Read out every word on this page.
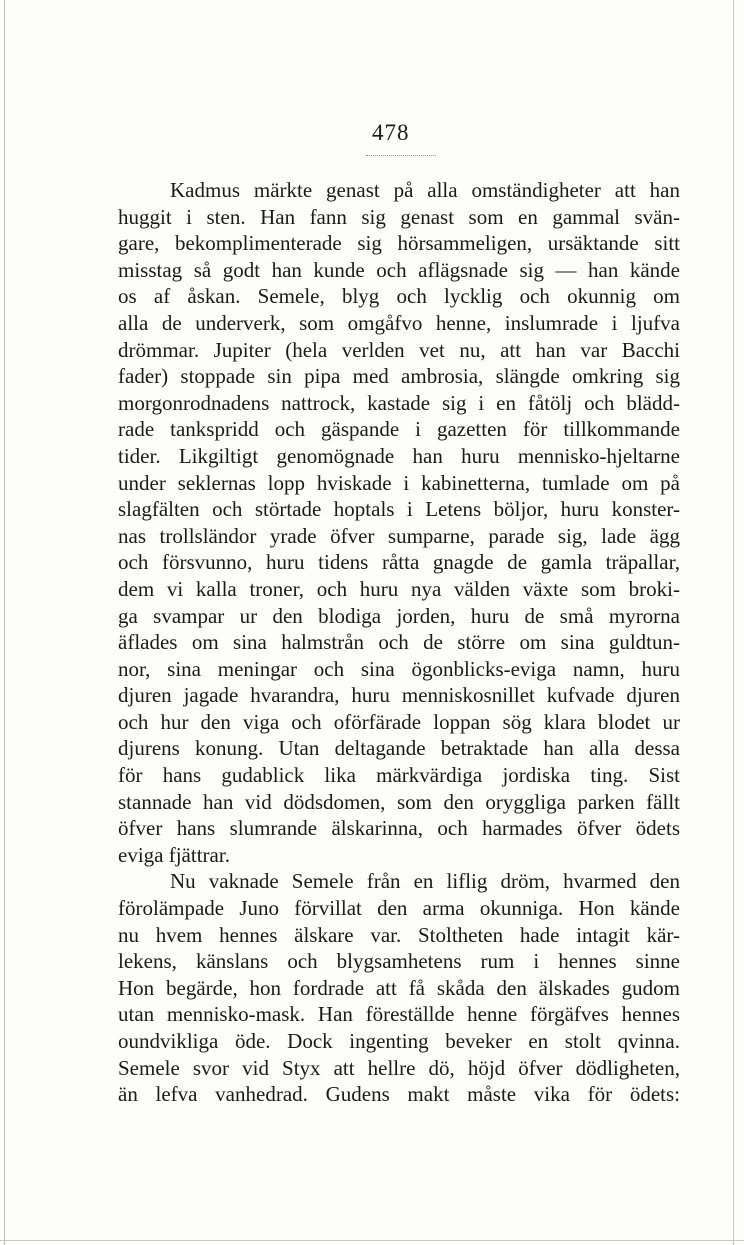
478
Kadmus märkte genast på alla omständigheter att han
huggit i sten. Han fann sig genast som en gammal svän-
gare, bekomplimenterade sig hörsammeligen, ursäktande sitt
misstag så godt han kunde och aflägsnade sig — han kände
os af åskan. Semele, blyg och lycklig och okunnig om
alla de underverk, som omgåfvo henne, inslumrade i ljufva
drömmar. Jupiter (hela verlden vet nu, att han var Bacchi
fader) stoppade sin pipa med ambrosia, slängde omkring sig
morgonrodnadens nattrock, kastade sig i en fåtölj och blädd-
rade tankspridd och gäspande i gazetten för tillkommande
tider. Likgiltigt genomögnade han huru mennisko-hjeltarne
under seklernas lopp hviskade i kabinetterna, tumlade om på
slagfälten och störtade hoptals i Letens böljor, huru konster-
nas trollsländor yrade öfver sumparne, parade sig, lade ägg
och försvunno, huru tidens råtta gnagde de gamla träpallar,
dem vi kalla troner, och huru nya välden växte som broki-
ga svampar ur den blodiga jorden, huru de små myrorna
äflades om sina halmstrån och de större om sina guldtun-
nor, sina meningar och sina ögonblicks-eviga namn, huru
djuren jagade hvarandra, huru menniskosnillet kufvade djuren
och hur den viga och oförfärade loppan sög klara blodet ur
djurens konung. Utan deltagande betraktade han alla dessa
för hans gudablick lika märkvärdiga jordiska ting. Sist
stannade han vid dödsdomen, som den oryggliga parken fällt
öfver hans slumrande älskarinna, och harmades öfver ödets
eviga fjättrar.
Nu vaknade Semele från en liflig dröm, hvarmed den
förolämpade Juno förvillat den arma okunniga. Hon kände
nu hvem hennes älskare var. Stoltheten hade intagit kär-
lekens, känslans och blygsamhetens rum i hennes sinne
Hon begärde, hon fordrade att få skåda den älskades gudom
utan mennisko-mask. Han föreställde henne förgäfves hennes
oundvikliga öde. Dock ingenting beveker en stolt qvinna.
Semele svor vid Styx att hellre dö, höjd öfver dödligheten,
än lefva vanhedrad. Gudens makt måste vika för ödets:
